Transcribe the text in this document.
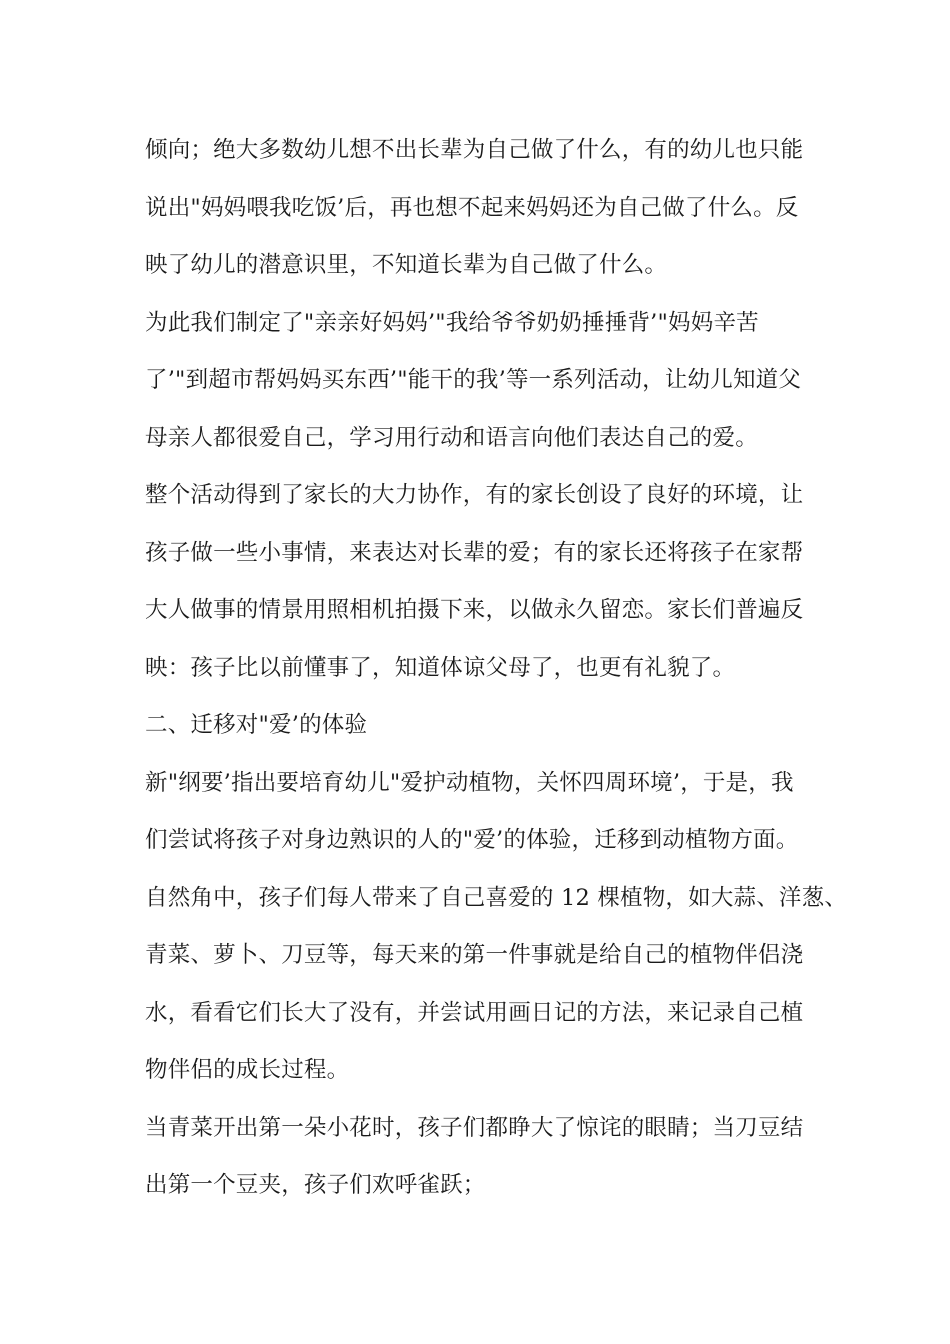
倾向；绝大多数幼儿想不出长辈为自己做了什么，有的幼儿也只能

说出"妈妈喂我吃饭’后，再也想不起来妈妈还为自己做了什么。反

映了幼儿的潜意识里，不知道长辈为自己做了什么。

为此我们制定了"亲亲好妈妈’"我给爷爷奶奶捶捶背’"妈妈辛苦

了’"到超市帮妈妈买东西’"能干的我’等一系列活动，让幼儿知道父

母亲人都很爱自己，学习用行动和语言向他们表达自己的爱。

整个活动得到了家长的大力协作，有的家长创设了良好的环境，让

孩子做一些小事情，来表达对长辈的爱；有的家长还将孩子在家帮

大人做事的情景用照相机拍摄下来，以做永久留恋。家长们普遍反

映：孩子比以前懂事了，知道体谅父母了，也更有礼貌了。

二、迁移对"爱’的体验

新"纲要’指出要培育幼儿"爱护动植物，关怀四周环境’，于是，我

们尝试将孩子对身边熟识的人的"爱’的体验，迁移到动植物方面。

自然角中，孩子们每人带来了自己喜爱的 12 棵植物，如大蒜、洋葱、

青菜、萝卜、刀豆等，每天来的第一件事就是给自己的植物伴侣浇

水，看看它们长大了没有，并尝试用画日记的方法，来记录自己植

物伴侣的成长过程。

当青菜开出第一朵小花时，孩子们都睁大了惊诧的眼睛；当刀豆结

出第一个豆夹，孩子们欢呼雀跃；
